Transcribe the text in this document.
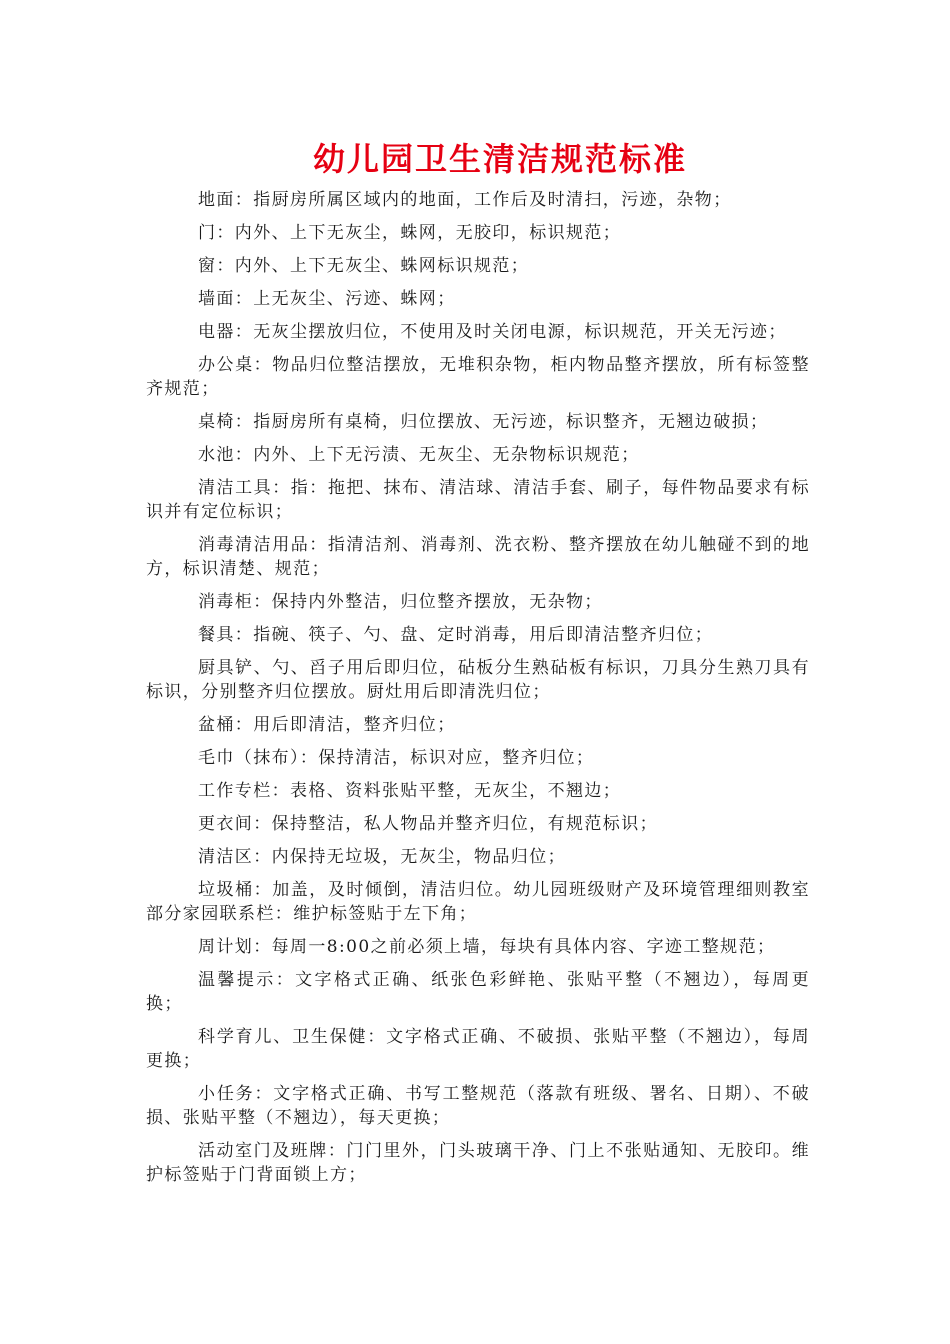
幼儿园卫生清洁规范标准

地面：指厨房所属区域内的地面，工作后及时清扫，污迹，杂物；

门：内外、上下无灰尘，蛛网，无胶印，标识规范；

窗：内外、上下无灰尘、蛛网标识规范；

墙面：上无灰尘、污迹、蛛网；

电器：无灰尘摆放归位，不使用及时关闭电源，标识规范，开关无污迹；

办公桌：物品归位整洁摆放，无堆积杂物，柜内物品整齐摆放，所有标签整齐规范；

桌椅：指厨房所有桌椅，归位摆放、无污迹，标识整齐，无翘边破损；

水池：内外、上下无污渍、无灰尘、无杂物标识规范；

清洁工具：指：拖把、抹布、清洁球、清洁手套、刷子，每件物品要求有标识并有定位标识；

消毒清洁用品：指清洁剂、消毒剂、洗衣粉、整齐摆放在幼儿触碰不到的地方，标识清楚、规范；

消毒柜：保持内外整洁，归位整齐摆放，无杂物；

餐具：指碗、筷子、勺、盘、定时消毒，用后即清洁整齐归位；

厨具铲、勺、舀子用后即归位，砧板分生熟砧板有标识，刀具分生熟刀具有标识，分别整齐归位摆放。厨灶用后即清洗归位；

盆桶：用后即清洁，整齐归位；

毛巾（抹布）：保持清洁，标识对应，整齐归位；

工作专栏：表格、资料张贴平整，无灰尘，不翘边；

更衣间：保持整洁，私人物品并整齐归位，有规范标识；

清洁区：内保持无垃圾，无灰尘，物品归位；

垃圾桶：加盖，及时倾倒，清洁归位。幼儿园班级财产及环境管理细则教室部分家园联系栏：维护标签贴于左下角；

周计划：每周一8:00之前必须上墙，每块有具体内容、字迹工整规范；

温馨提示：文字格式正确、纸张色彩鲜艳、张贴平整（不翘边），每周更换；

科学育儿、卫生保健：文字格式正确、不破损、张贴平整（不翘边），每周更换；

小任务：文字格式正确、书写工整规范（落款有班级、署名、日期）、不破损、张贴平整（不翘边），每天更换；

活动室门及班牌：门门里外，门头玻璃干净、门上不张贴通知、无胶印。维护标签贴于门背面锁上方；
